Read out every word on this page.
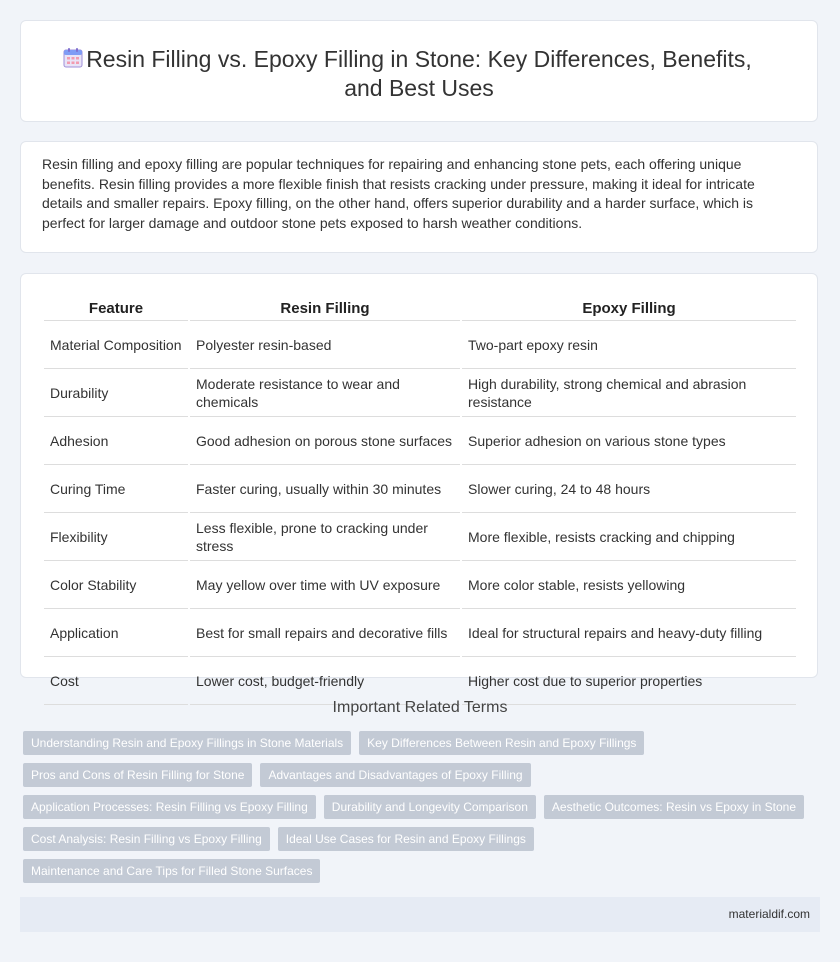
Resin Filling vs. Epoxy Filling in Stone: Key Differences, Benefits, and Best Uses

Resin filling and epoxy filling are popular techniques for repairing and enhancing stone pets, each offering unique benefits. Resin filling provides a more flexible finish that resists cracking under pressure, making it ideal for intricate details and smaller repairs. Epoxy filling, on the other hand, offers superior durability and a harder surface, which is perfect for larger damage and outdoor stone pets exposed to harsh weather conditions.

Feature	Resin Filling	Epoxy Filling
Material Composition	Polyester resin-based	Two-part epoxy resin
Durability	Moderate resistance to wear and chemicals	High durability, strong chemical and abrasion resistance
Adhesion	Good adhesion on porous stone surfaces	Superior adhesion on various stone types
Curing Time	Faster curing, usually within 30 minutes	Slower curing, 24 to 48 hours
Flexibility	Less flexible, prone to cracking under stress	More flexible, resists cracking and chipping
Color Stability	May yellow over time with UV exposure	More color stable, resists yellowing
Application	Best for small repairs and decorative fills	Ideal for structural repairs and heavy-duty filling
Cost	Lower cost, budget-friendly	Higher cost due to superior properties
Important Related Terms
Understanding Resin and Epoxy Fillings in Stone Materials	Key Differences Between Resin and Epoxy Fillings
Pros and Cons of Resin Filling for Stone	Advantages and Disadvantages of Epoxy Filling
Application Processes: Resin Filling vs Epoxy Filling	Durability and Longevity Comparison	Aesthetic Outcomes: Resin vs Epoxy in Stone
Cost Analysis: Resin Filling vs Epoxy Filling	Ideal Use Cases for Resin and Epoxy Fillings
Maintenance and Care Tips for Filled Stone Surfaces
materialdif.com
